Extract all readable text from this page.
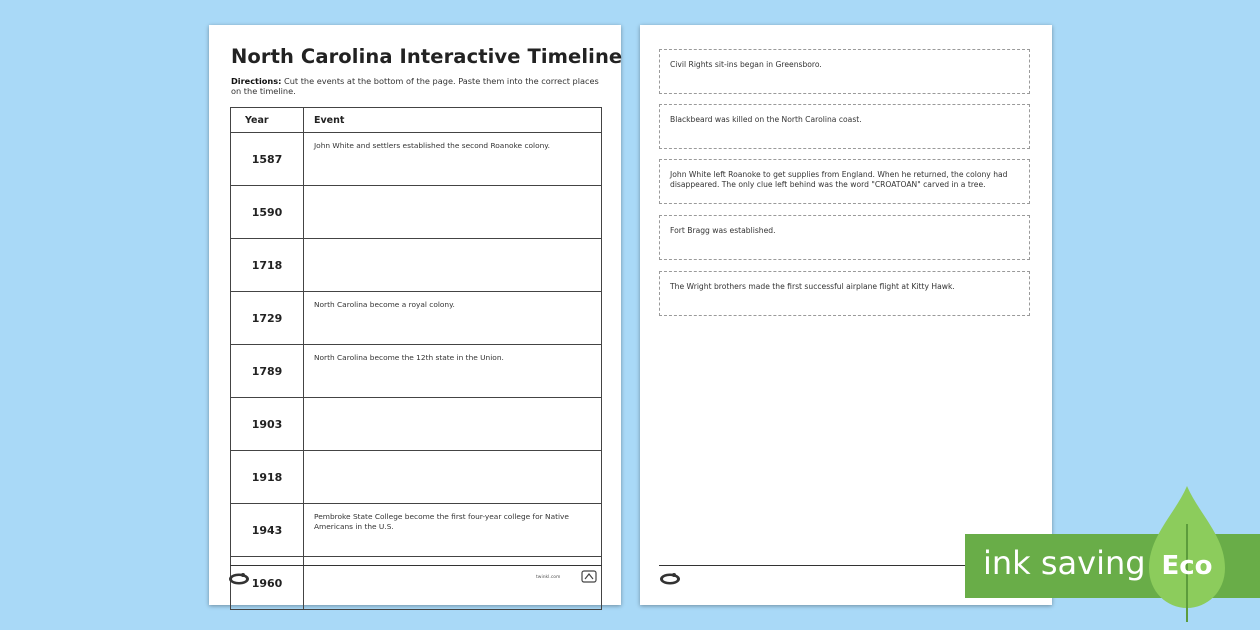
North Carolina Interactive Timeline
Directions: Cut the events at the bottom of the page. Paste them into the correct places on the timeline.
Year	Event
1587	John White and settlers established the second Roanoke colony.
1590	
1718	
1729	North Carolina become a royal colony.
1789	North Carolina become the 12th state in the Union.
1903	
1918	
1943	Pembroke State College become the first four-year college for Native Americans in the U.S.
1960		twinkl.com
Civil Rights sit-ins began in Greensboro.
Blackbeard was killed on the North Carolina coast.
John White left Roanoke to get supplies from England. When he returned, the colony had disappeared. The only clue left behind was the word "CROATOAN" carved in a tree.
Fort Bragg was established.
The Wright brothers made the first successful airplane flight at Kitty Hawk.
ink saving Eco
